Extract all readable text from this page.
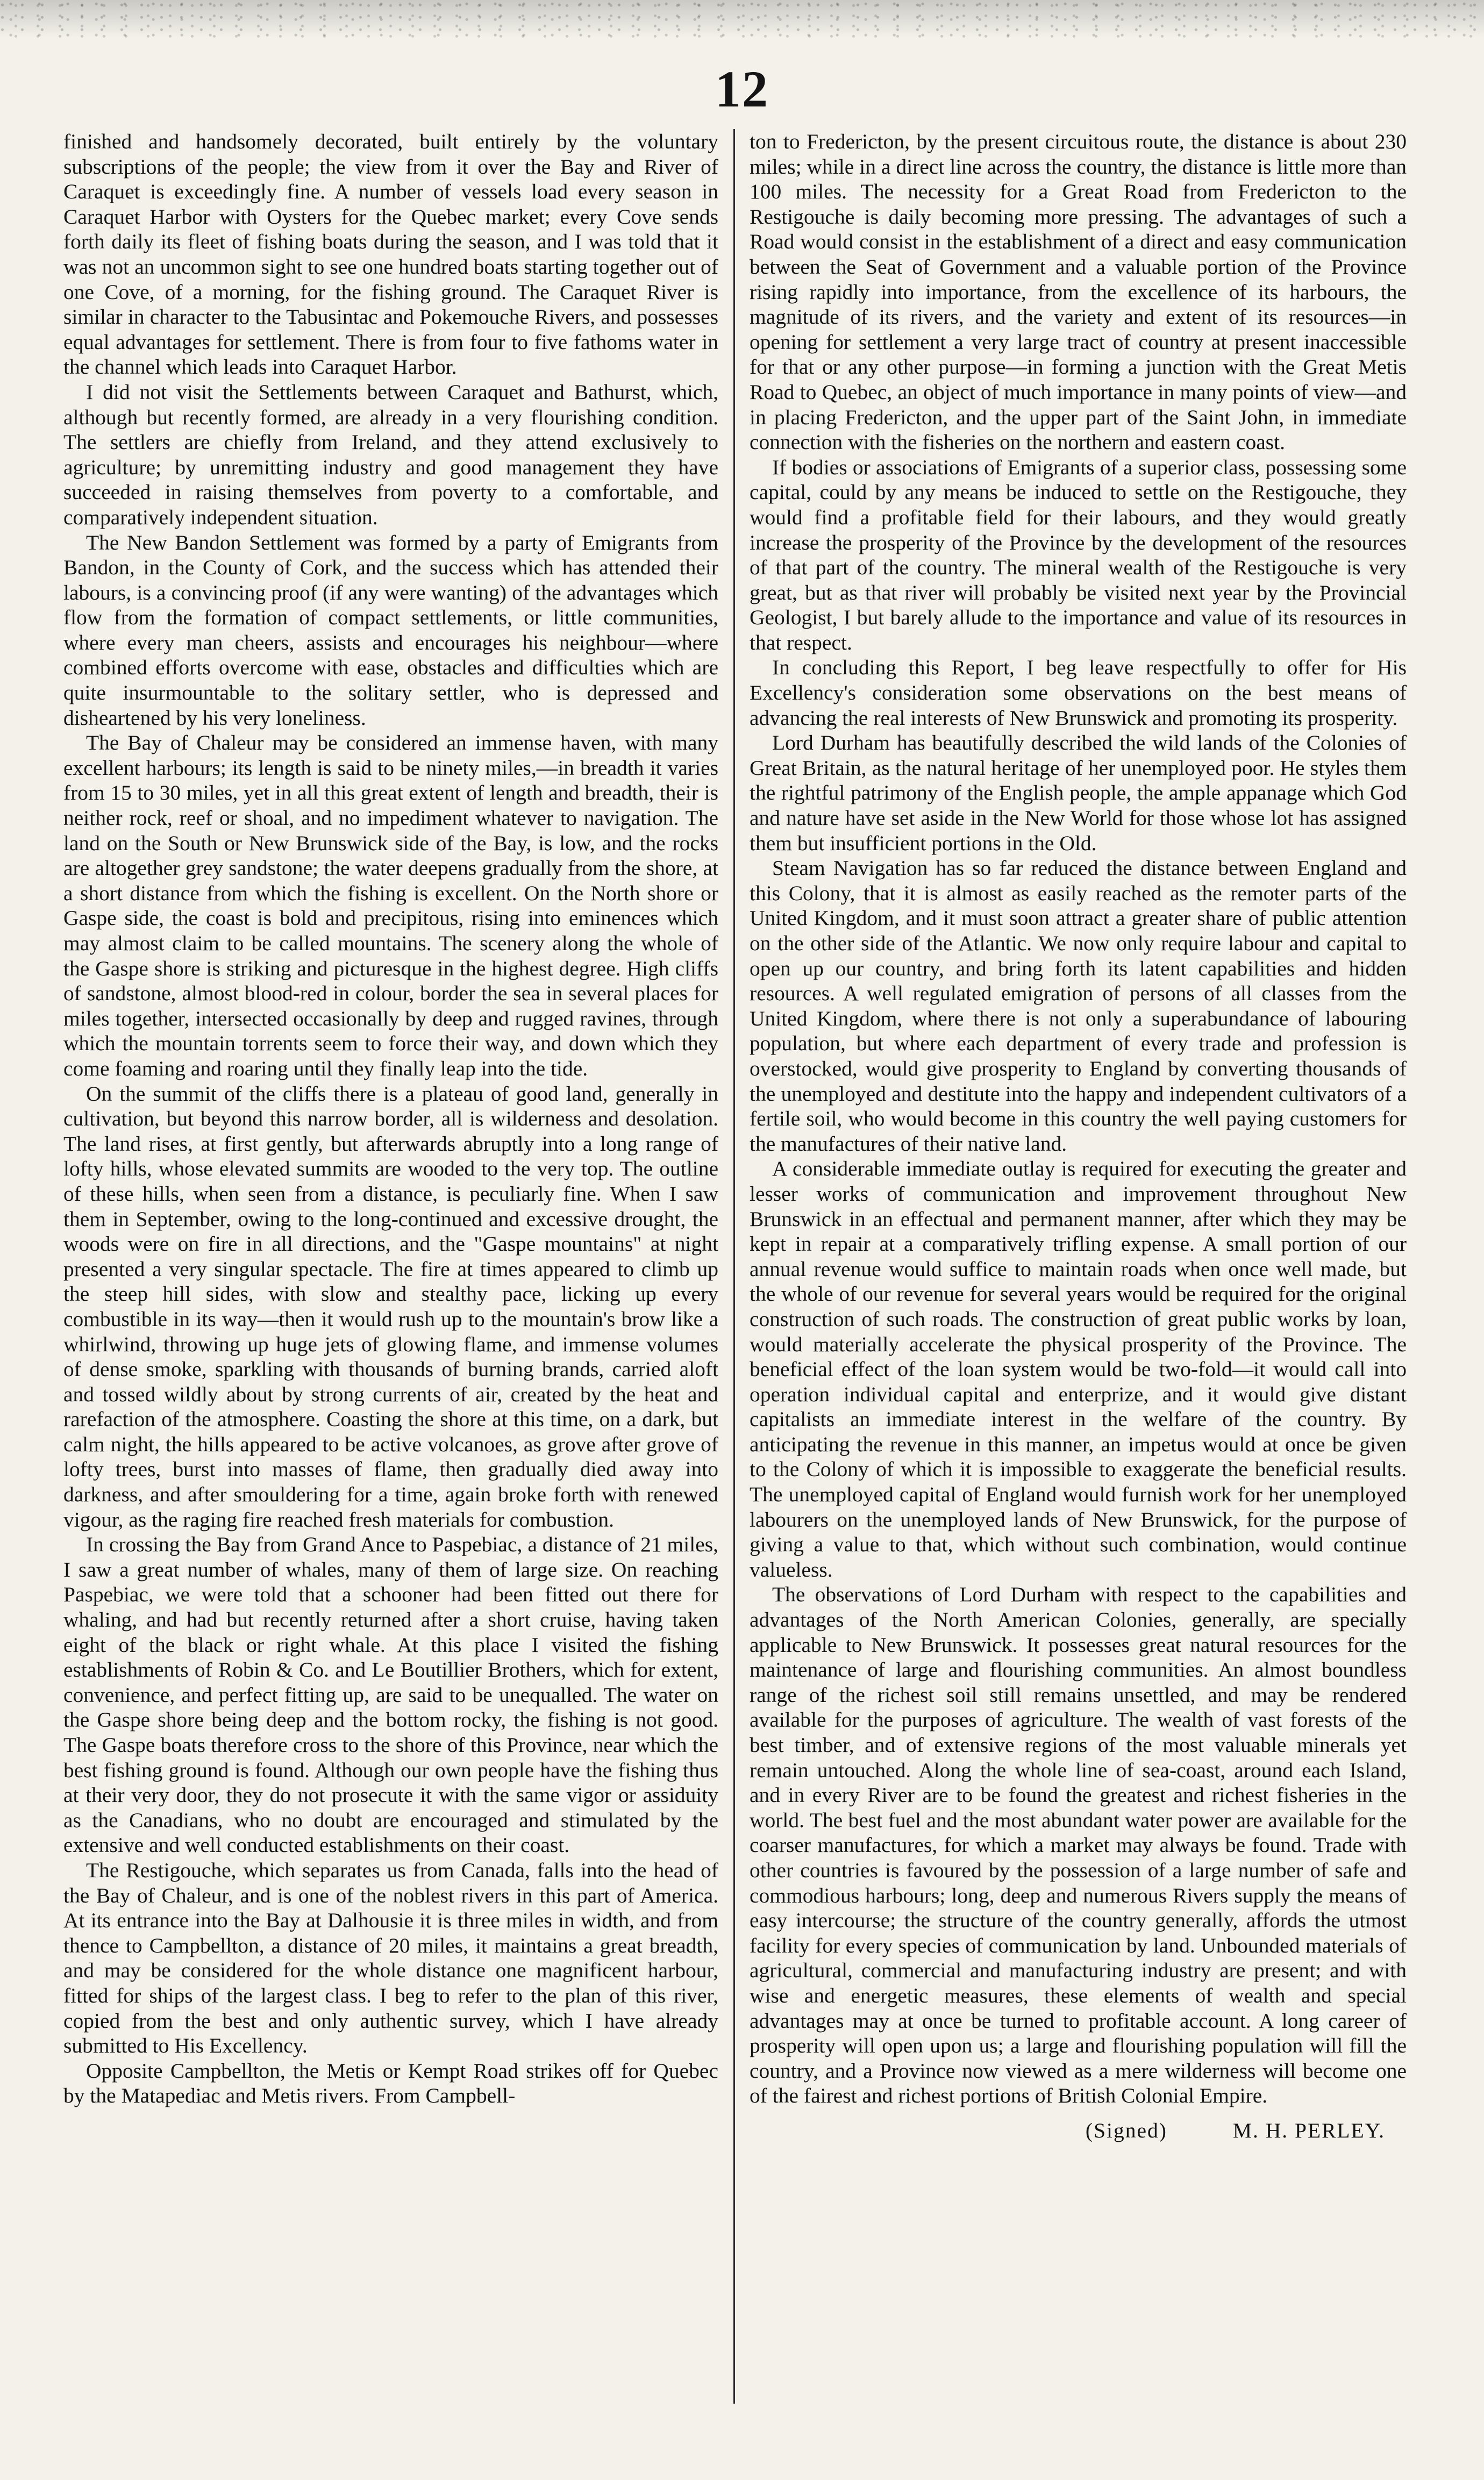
12

finished and handsomely decorated, built entirely by the voluntary subscriptions of the people; the view from it over the Bay and River of Caraquet is exceedingly fine. A number of vessels load every season in Caraquet Harbor with Oysters for the Quebec market; every Cove sends forth daily its fleet of fishing boats during the season, and I was told that it was not an uncommon sight to see one hundred boats starting together out of one Cove, of a morning, for the fishing ground. The Caraquet River is similar in character to the Tabusintac and Pokemouche Rivers, and possesses equal advantages for settlement. There is from four to five fathoms water in the channel which leads into Caraquet Harbor.

I did not visit the Settlements between Caraquet and Bathurst, which, although but recently formed, are already in a very flourishing condition. The settlers are chiefly from Ireland, and they attend exclusively to agriculture; by unremitting industry and good management they have succeeded in raising themselves from poverty to a comfortable, and comparatively independent situation.

The New Bandon Settlement was formed by a party of Emigrants from Bandon, in the County of Cork, and the success which has attended their labours, is a convincing proof (if any were wanting) of the advantages which flow from the formation of compact settlements, or little communities, where every man cheers, assists and encourages his neighbour—where combined efforts overcome with ease, obstacles and difficulties which are quite insurmountable to the solitary settler, who is depressed and disheartened by his very loneliness.

The Bay of Chaleur may be considered an immense haven, with many excellent harbours; its length is said to be ninety miles,—in breadth it varies from 15 to 30 miles, yet in all this great extent of length and breadth, their is neither rock, reef or shoal, and no impediment whatever to navigation. The land on the South or New Brunswick side of the Bay, is low, and the rocks are altogether grey sandstone; the water deepens gradually from the shore, at a short distance from which the fishing is excellent. On the North shore or Gaspe side, the coast is bold and precipitous, rising into eminences which may almost claim to be called mountains. The scenery along the whole of the Gaspe shore is striking and picturesque in the highest degree. High cliffs of sandstone, almost blood-red in colour, border the sea in several places for miles together, intersected occasionally by deep and rugged ravines, through which the mountain torrents seem to force their way, and down which they come foaming and roaring until they finally leap into the tide.

On the summit of the cliffs there is a plateau of good land, generally in cultivation, but beyond this narrow border, all is wilderness and desolation. The land rises, at first gently, but afterwards abruptly into a long range of lofty hills, whose elevated summits are wooded to the very top. The outline of these hills, when seen from a distance, is peculiarly fine. When I saw them in September, owing to the long-continued and excessive drought, the woods were on fire in all directions, and the "Gaspe mountains" at night presented a very singular spectacle. The fire at times appeared to climb up the steep hill sides, with slow and stealthy pace, licking up every combustible in its way—then it would rush up to the mountain's brow like a whirlwind, throwing up huge jets of glowing flame, and immense volumes of dense smoke, sparkling with thousands of burning brands, carried aloft and tossed wildly about by strong currents of air, created by the heat and rarefaction of the atmosphere. Coasting the shore at this time, on a dark, but calm night, the hills appeared to be active volcanoes, as grove after grove of lofty trees, burst into masses of flame, then gradually died away into darkness, and after smouldering for a time, again broke forth with renewed vigour, as the raging fire reached fresh materials for combustion.

In crossing the Bay from Grand Ance to Paspebiac, a distance of 21 miles, I saw a great number of whales, many of them of large size. On reaching Paspebiac, we were told that a schooner had been fitted out there for whaling, and had but recently returned after a short cruise, having taken eight of the black or right whale. At this place I visited the fishing establishments of Robin & Co. and Le Boutillier Brothers, which for extent, convenience, and perfect fitting up, are said to be unequalled. The water on the Gaspe shore being deep and the bottom rocky, the fishing is not good. The Gaspe boats therefore cross to the shore of this Province, near which the best fishing ground is found. Although our own people have the fishing thus at their very door, they do not prosecute it with the same vigor or assiduity as the Canadians, who no doubt are encouraged and stimulated by the extensive and well conducted establishments on their coast.

The Restigouche, which separates us from Canada, falls into the head of the Bay of Chaleur, and is one of the noblest rivers in this part of America. At its entrance into the Bay at Dalhousie it is three miles in width, and from thence to Campbellton, a distance of 20 miles, it maintains a great breadth, and may be considered for the whole distance one magnificent harbour, fitted for ships of the largest class. I beg to refer to the plan of this river, copied from the best and only authentic survey, which I have already submitted to His Excellency.

Opposite Campbellton, the Metis or Kempt Road strikes off for Quebec by the Matapediac and Metis rivers. From Campbell-

ton to Fredericton, by the present circuitous route, the distance is about 230 miles; while in a direct line across the country, the distance is little more than 100 miles. The necessity for a Great Road from Fredericton to the Restigouche is daily becoming more pressing. The advantages of such a Road would consist in the establishment of a direct and easy communication between the Seat of Government and a valuable portion of the Province rising rapidly into importance, from the excellence of its harbours, the magnitude of its rivers, and the variety and extent of its resources—in opening for settlement a very large tract of country at present inaccessible for that or any other purpose—in forming a junction with the Great Metis Road to Quebec, an object of much importance in many points of view—and in placing Fredericton, and the upper part of the Saint John, in immediate connection with the fisheries on the northern and eastern coast.

If bodies or associations of Emigrants of a superior class, possessing some capital, could by any means be induced to settle on the Restigouche, they would find a profitable field for their labours, and they would greatly increase the prosperity of the Province by the development of the resources of that part of the country. The mineral wealth of the Restigouche is very great, but as that river will probably be visited next year by the Provincial Geologist, I but barely allude to the importance and value of its resources in that respect.

In concluding this Report, I beg leave respectfully to offer for His Excellency's consideration some observations on the best means of advancing the real interests of New Brunswick and promoting its prosperity.

Lord Durham has beautifully described the wild lands of the Colonies of Great Britain, as the natural heritage of her unemployed poor. He styles them the rightful patrimony of the English people, the ample appanage which God and nature have set aside in the New World for those whose lot has assigned them but insufficient portions in the Old.

Steam Navigation has so far reduced the distance between England and this Colony, that it is almost as easily reached as the remoter parts of the United Kingdom, and it must soon attract a greater share of public attention on the other side of the Atlantic. We now only require labour and capital to open up our country, and bring forth its latent capabilities and hidden resources. A well regulated emigration of persons of all classes from the United Kingdom, where there is not only a superabundance of labouring population, but where each department of every trade and profession is overstocked, would give prosperity to England by converting thousands of the unemployed and destitute into the happy and independent cultivators of a fertile soil, who would become in this country the well paying customers for the manufactures of their native land.

A considerable immediate outlay is required for executing the greater and lesser works of communication and improvement throughout New Brunswick in an effectual and permanent manner, after which they may be kept in repair at a comparatively trifling expense. A small portion of our annual revenue would suffice to maintain roads when once well made, but the whole of our revenue for several years would be required for the original construction of such roads. The construction of great public works by loan, would materially accelerate the physical prosperity of the Province. The beneficial effect of the loan system would be two-fold—it would call into operation individual capital and enterprize, and it would give distant capitalists an immediate interest in the welfare of the country. By anticipating the revenue in this manner, an impetus would at once be given to the Colony of which it is impossible to exaggerate the beneficial results. The unemployed capital of England would furnish work for her unemployed labourers on the unemployed lands of New Brunswick, for the purpose of giving a value to that, which without such combination, would continue valueless.

The observations of Lord Durham with respect to the capabilities and advantages of the North American Colonies, generally, are specially applicable to New Brunswick. It possesses great natural resources for the maintenance of large and flourishing communities. An almost boundless range of the richest soil still remains unsettled, and may be rendered available for the purposes of agriculture. The wealth of vast forests of the best timber, and of extensive regions of the most valuable minerals yet remain untouched. Along the whole line of sea-coast, around each Island, and in every River are to be found the greatest and richest fisheries in the world. The best fuel and the most abundant water power are available for the coarser manufactures, for which a market may always be found. Trade with other countries is favoured by the possession of a large number of safe and commodious harbours; long, deep and numerous Rivers supply the means of easy intercourse; the structure of the country generally, affords the utmost facility for every species of communication by land. Unbounded materials of agricultural, commercial and manufacturing industry are present; and with wise and energetic measures, these elements of wealth and special advantages may at once be turned to profitable account. A long career of prosperity will open upon us; a large and flourishing population will fill the country, and a Province now viewed as a mere wilderness will become one of the fairest and richest portions of British Colonial Empire.

(Signed)	M. H. PERLEY.
